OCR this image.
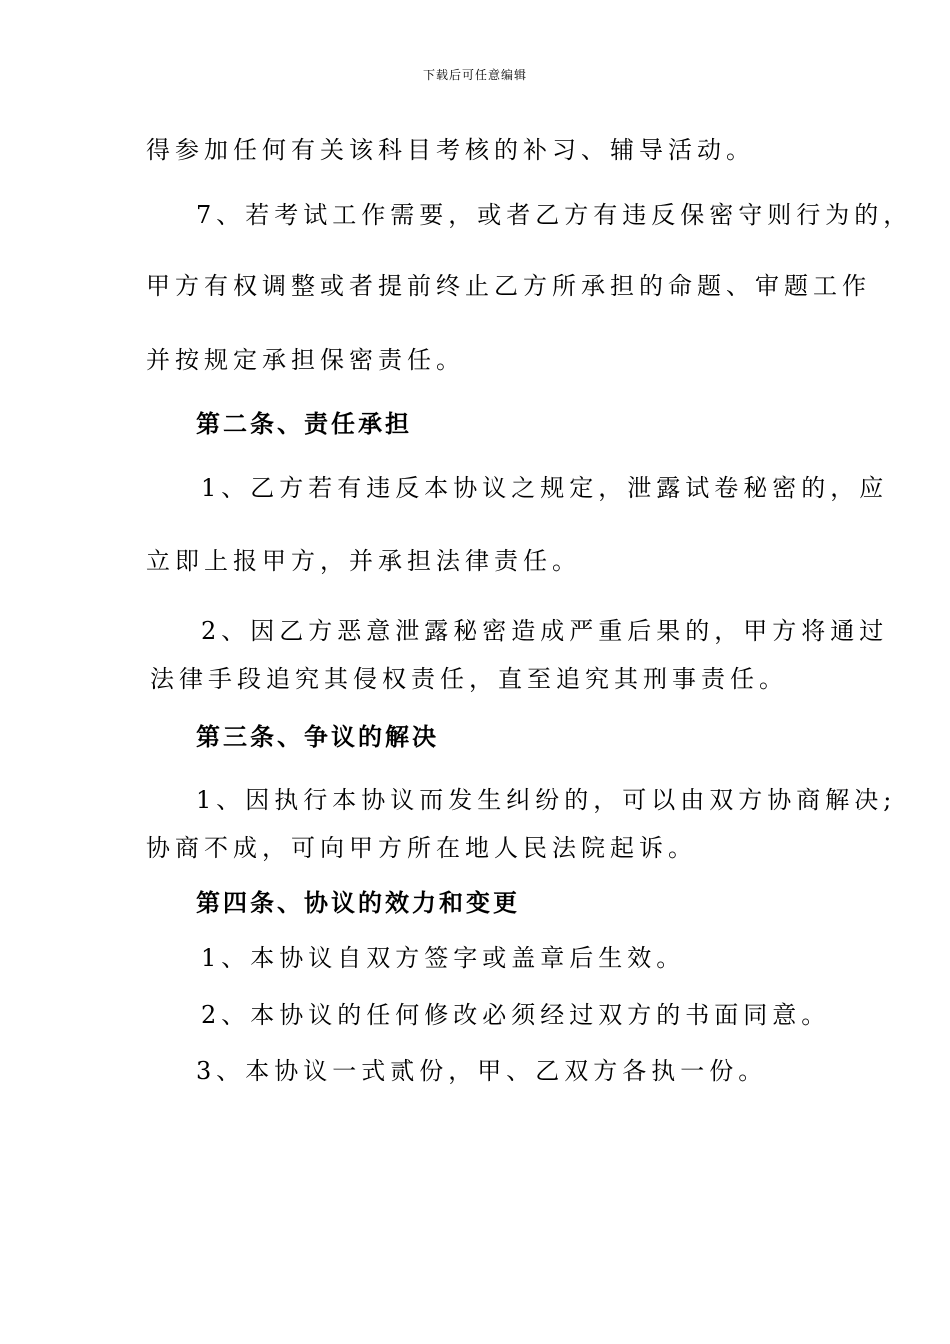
下载后可任意编辑
得参加任何有关该科目考核的补习、辅导活动。
7、若考试工作需要，或者乙方有违反保密守则行为的，
甲方有权调整或者提前终止乙方所承担的命题、审题工作
并按规定承担保密责任。
第二条、责任承担
1、乙方若有违反本协议之规定，泄露试卷秘密的，应
立即上报甲方，并承担法律责任。
2、因乙方恶意泄露秘密造成严重后果的，甲方将通过
法律手段追究其侵权责任，直至追究其刑事责任。
第三条、争议的解决
1、因执行本协议而发生纠纷的，可以由双方协商解决;
协商不成，可向甲方所在地人民法院起诉。
第四条、协议的效力和变更
1、本协议自双方签字或盖章后生效。
2、本协议的任何修改必须经过双方的书面同意。
3、本协议一式贰份，甲、乙双方各执一份。
